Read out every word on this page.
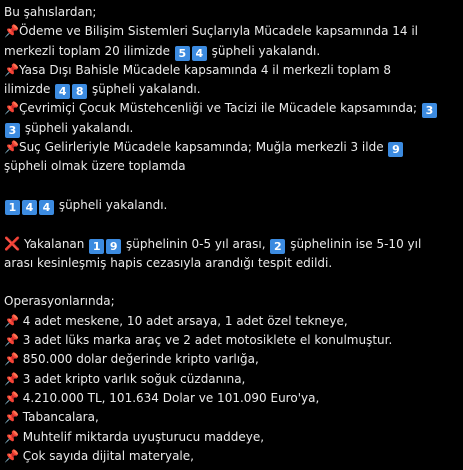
Bu şahıslardan;
📌Ödeme ve Bilişim Sistemleri Suçlarıyla Mücadele kapsamında 14 il
merkezli toplam 20 ilimizde 5 4 şüpheli yakalandı.
📌Yasa Dışı Bahisle Mücadele kapsamında 4 il merkezli toplam 8
ilimizde 4 8 şüpheli yakalandı.
📌Çevrimiçi Çocuk Müstehcenliği ve Tacizi ile Mücadele kapsamında; 3
3 şüpheli yakalandı.
📌Suç Gelirleriyle Mücadele kapsamında; Muğla merkezli 3 ilde 9
şüpheli olmak üzere toplamda
1 4 4 şüpheli yakalandı.
❌ Yakalanan 1 9 şüphelinin 0-5 yıl arası, 2 şüphelinin ise 5-10 yıl
arası kesinleşmiş hapis cezasıyla arandığı tespit edildi.
Operasyonlarında;
📌 4 adet meskene, 10 adet arsaya, 1 adet özel tekneye,
📌 3 adet lüks marka araç ve 2 adet motosiklete el konulmuştur.
📌 850.000 dolar değerinde kripto varlığa,
📌 3 adet kripto varlık soğuk cüzdanına,
📌 4.210.000 TL, 101.634 Dolar ve 101.090 Euro'ya,
📌 Tabancalara,
📌 Muhtelif miktarda uyuşturucu maddeye,
📌 Çok sayıda dijital materyale,
